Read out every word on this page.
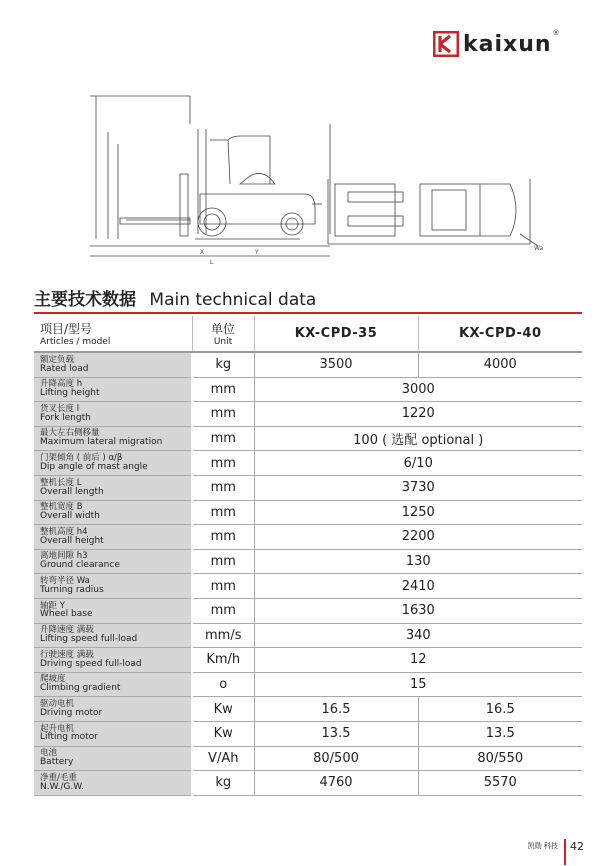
kaixun ®
X	Y
L
Wa
主要技术数据 Main technical data
项目/型号
Articles / model	单位
Unit	KX-CPD-35	KX-CPD-40

额定负载
Rated load	kg	3500	4000

升降高度 h
Lifting height	mm	3000	

货叉长度 l
Fork length	mm	1220	

最大左右侧移量
Maximum lateral migration	mm	100 ( 选配 optional )	

门架倾角 ( 前后 ) α/β
Dip angle of mast angle	mm	6/10	

整机长度 L
Overall length	mm	3730	

整机宽度 B
Overall width	mm	1250	

整机高度 h4
Overall height	mm	2200	

离地间隙 h3
Ground clearance	mm	130	

转弯半径 Wa
Turning radius	mm	2410	

轴距 Y
Wheel base	mm	1630	

升降速度 满载
Lifting speed full-load	mm/s	340	

行驶速度 满载
Driving speed full-load	Km/h	12	

爬坡度
Climbing gradient	o	15	

驱动电机
Driving motor	Kw	16.5	16.5

起升电机
Lifting motor	Kw	13.5	13.5

电池
Battery	V/Ah	80/500	80/550

净重/毛重
N.W./G.W.	kg	4760	5570
凯勋 科技 42
